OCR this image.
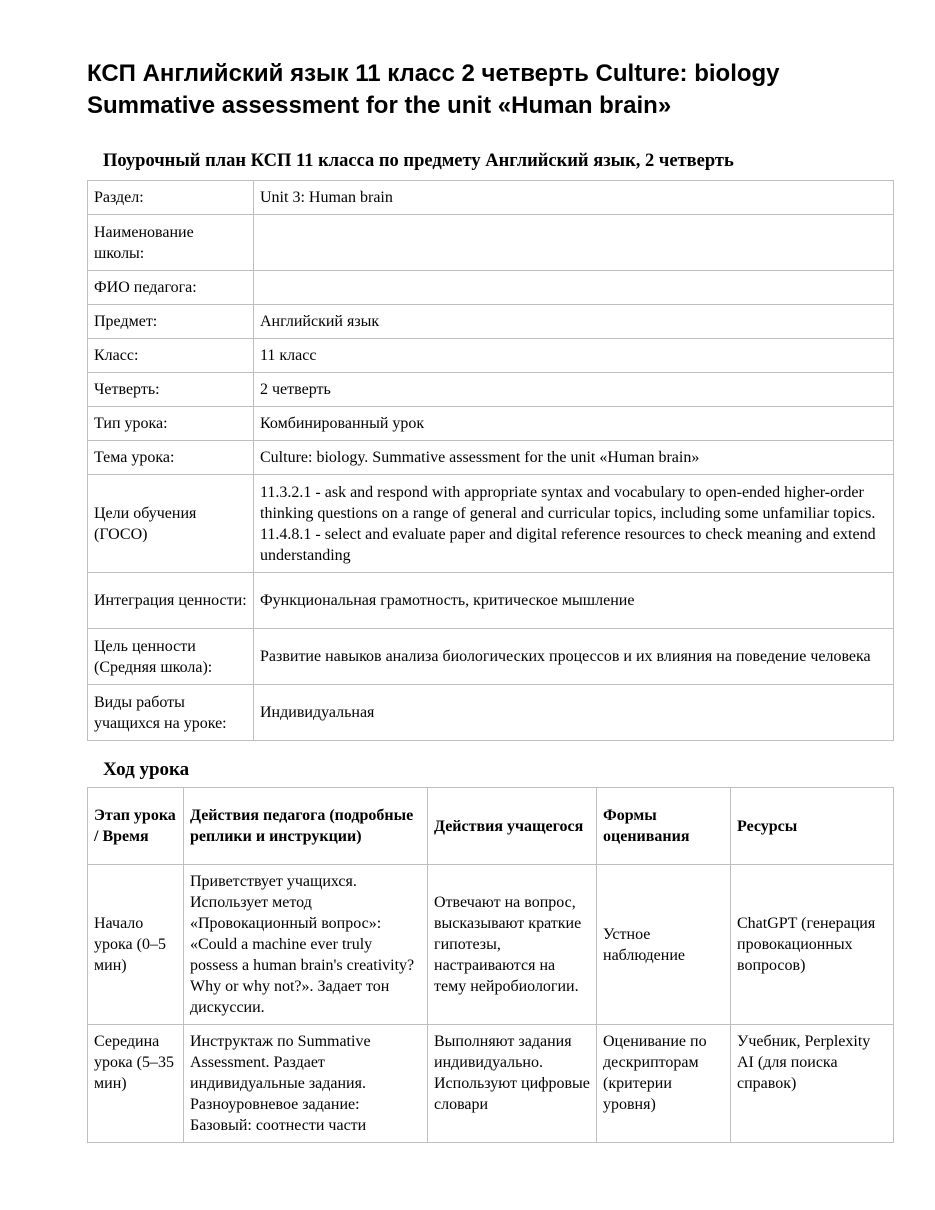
КСП Английский язык 11 класс 2 четверть Culture: biology
Summative assessment for the unit «Human brain»
Поурочный план КСП 11 класса по предмету Английский язык, 2 четверть
Раздел:	Unit 3: Human brain
Наименование школы:	
ФИО педагога:	
Предмет:	Английский язык
Класс:	11 класс
Четверть:	2 четверть
Тип урока:	Комбинированный урок
Тема урока:	Culture: biology. Summative assessment for the unit «Human brain»
Цели обучения (ГОСО)	11.3.2.1 - ask and respond with appropriate syntax and vocabulary to open-ended higher-order thinking questions on a range of general and curricular topics, including some unfamiliar topics. 11.4.8.1 - select and evaluate paper and digital reference resources to check meaning and extend understanding
Интеграция ценности:	Функциональная грамотность, критическое мышление
Цель ценности (Средняя школа):	Развитие навыков анализа биологических процессов и их влияния на поведение человека
Виды работы учащихся на уроке:	Индивидуальная
Ход урока
Этап урока / Время	Действия педагога (подробные реплики и инструкции)	Действия учащегося	Формы оценивания	Ресурсы
Начало урока (0–5 мин)	Приветствует учащихся. Использует метод «Провокационный вопрос»: «Could a machine ever truly possess a human brain's creativity? Why or why not?». Задает тон дискуссии.	Отвечают на вопрос, высказывают краткие гипотезы, настраиваются на тему нейробиологии.	Устное наблюдение	ChatGPT (генерация провокационных вопросов)
Середина урока (5–35 мин)	Инструктаж по Summative Assessment. Раздает индивидуальные задания. Разноуровневое задание: Базовый: соотнести части	Выполняют задания индивидуально. Используют цифровые словари	Оценивание по дескрипторам (критерии уровня)	Учебник, Perplexity AI (для поиска справок)
